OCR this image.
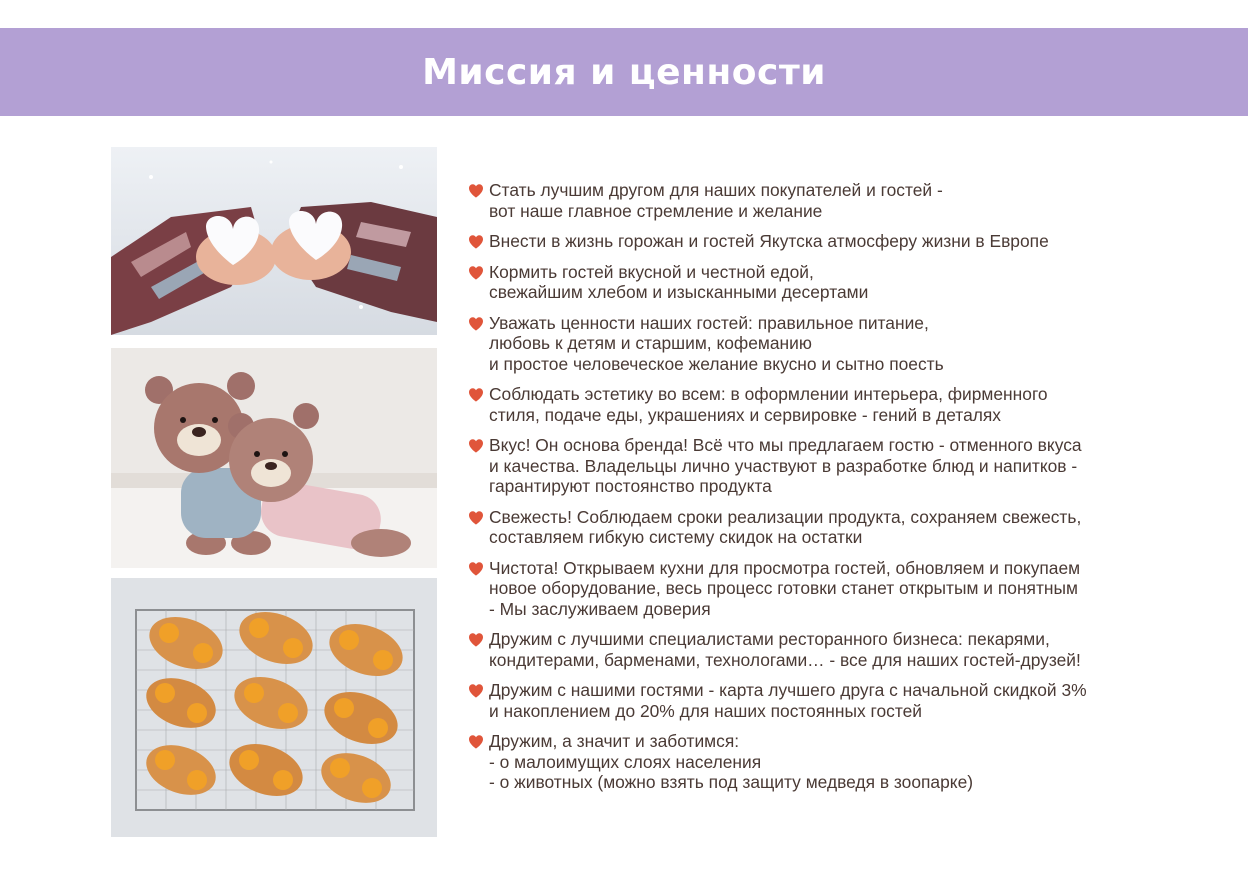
Миссия и ценности
Стать лучшим другом для наших покупателей и гостей -
вот наше главное стремление и желание
Внести в жизнь горожан и гостей Якутска атмосферу жизни в Европе
Кормить гостей вкусной и честной едой,
свежайшим хлебом и изысканными десертами
Уважать ценности наших гостей: правильное питание,
любовь к детям и старшим, кофеманию
и простое человеческое желание вкусно и сытно поесть
Соблюдать эстетику во всем: в оформлении интерьера, фирменного
стиля, подаче еды, украшениях и сервировке - гений в деталях
Вкус! Он основа бренда! Всё что мы предлагаем гостю - отменного вкуса
и качества. Владельцы лично участвуют в разработке блюд и напитков -
гарантируют постоянство продукта
Свежесть! Соблюдаем сроки реализации продукта, сохраняем свежесть,
составляем гибкую систему скидок на остатки
Чистота! Открываем кухни для просмотра гостей, обновляем и покупаем
новое оборудование, весь процесс готовки станет открытым и понятным
- Мы заслуживаем доверия
Дружим с лучшими специалистами ресторанного бизнеса: пекарями,
кондитерами, барменами, технологами… - все для наших гостей-друзей!
Дружим с нашими гостями - карта лучшего друга с начальной скидкой 3%
и накоплением до 20% для наших постоянных гостей
Дружим, а значит и заботимся:
- о малоимущих слоях населения
- о животных (можно взять под защиту медведя в зоопарке)
